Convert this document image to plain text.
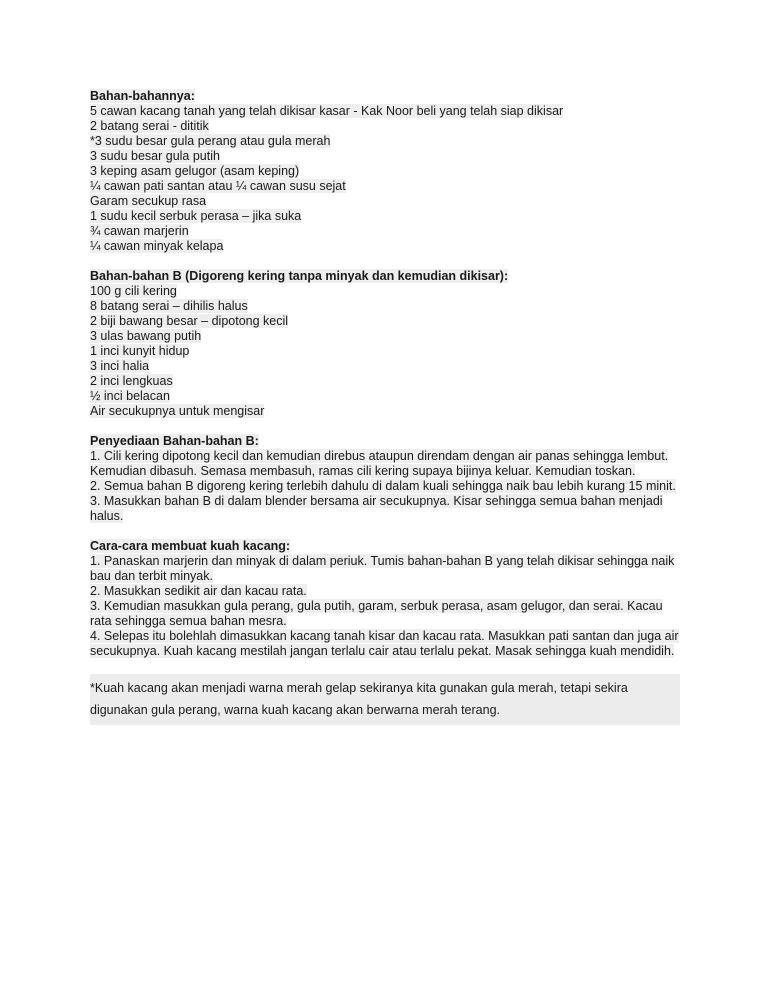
Bahan-bahannya:
5 cawan kacang tanah yang telah dikisar kasar - Kak Noor beli yang telah siap dikisar
2 batang serai - dititik
*3 sudu besar gula perang atau gula merah
3 sudu besar gula putih
3 keping asam gelugor (asam keping)
¼ cawan pati santan atau ¼ cawan susu sejat
Garam secukup rasa
1 sudu kecil serbuk perasa – jika suka
¾ cawan marjerin
¼ cawan minyak kelapa
Bahan-bahan B (Digoreng kering tanpa minyak dan kemudian dikisar):
100 g cili kering
8 batang serai – dihilis halus
2 biji bawang besar – dipotong kecil
3 ulas bawang putih
1 inci kunyit hidup
3 inci halia
2 inci lengkuas
½ inci belacan
Air secukupnya untuk mengisar
Penyediaan Bahan-bahan B:
1. Cili kering dipotong kecil dan kemudian direbus ataupun direndam dengan air panas sehingga lembut. Kemudian dibasuh. Semasa membasuh, ramas cili kering supaya bijinya keluar. Kemudian toskan.
2. Semua bahan B digoreng kering terlebih dahulu di dalam kuali sehingga naik bau lebih kurang 15 minit.
3. Masukkan bahan B di dalam blender bersama air secukupnya. Kisar sehingga semua bahan menjadi halus.
Cara-cara membuat kuah kacang:
1. Panaskan marjerin dan minyak di dalam periuk. Tumis bahan-bahan B yang telah dikisar sehingga naik bau dan terbit minyak.
2. Masukkan sedikit air dan kacau rata.
3. Kemudian masukkan gula perang, gula putih, garam, serbuk perasa, asam gelugor, dan serai. Kacau rata sehingga semua bahan mesra.
4. Selepas itu bolehlah dimasukkan kacang tanah kisar dan kacau rata. Masukkan pati santan dan juga air secukupnya. Kuah kacang mestilah jangan terlalu cair atau terlalu pekat. Masak sehingga kuah mendidih.
*Kuah kacang akan menjadi warna merah gelap sekiranya kita gunakan gula merah, tetapi sekira digunakan gula perang, warna kuah kacang akan berwarna merah terang.
